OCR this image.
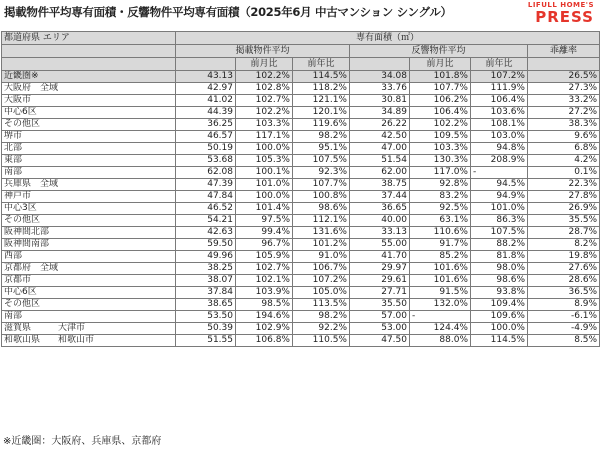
掲載物件平均専有面積・反響物件平均専有面積（2025年6月 中古マンション シングル）	LIFULL HOME'S
PRESS
都道府県 エリア	専有面積（㎡）						
	掲載物件平均			反響物件平均			乖離率
		前月比	前年比		前月比	前年比	
近畿圏※	43.13	102.2%	114.5%	34.08	101.8%	107.2%	26.5%
大阪府　全域	42.97	102.8%	118.2%	33.76	107.7%	111.9%	27.3%
大阪市	41.02	102.7%	121.1%	30.81	106.2%	106.4%	33.2%
中心6区	44.39	102.2%	120.1%	34.89	106.4%	103.6%	27.2%
その他区	36.25	103.3%	119.6%	26.22	102.2%	108.1%	38.3%
堺市	46.57	117.1%	98.2%	42.50	109.5%	103.0%	9.6%
北部	50.19	100.0%	95.1%	47.00	103.3%	94.8%	6.8%
東部	53.68	105.3%	107.5%	51.54	130.3%	208.9%	4.2%
南部	62.08	100.1%	92.3%	62.00	117.0%	-	0.1%
兵庫県　全域	47.39	101.0%	107.7%	38.75	92.8%	94.5%	22.3%
神戸市	47.84	100.0%	100.8%	37.44	83.2%	94.9%	27.8%
中心3区	46.52	101.4%	98.6%	36.65	92.5%	101.0%	26.9%
その他区	54.21	97.5%	112.1%	40.00	63.1%	86.3%	35.5%
阪神間北部	42.63	99.4%	131.6%	33.13	110.6%	107.5%	28.7%
阪神間南部	59.50	96.7%	101.2%	55.00	91.7%	88.2%	8.2%
西部	49.96	105.9%	91.0%	41.70	85.2%	81.8%	19.8%
京都府　全域	38.25	102.7%	106.7%	29.97	101.6%	98.0%	27.6%
京都市	38.07	102.1%	107.2%	29.61	101.6%	98.6%	28.6%
中心6区	37.84	103.9%	105.0%	27.71	91.5%	93.8%	36.5%
その他区	38.65	98.5%	113.5%	35.50	132.0%	109.4%	8.9%
南部	53.50	194.6%	98.2%	57.00	-	109.6%	-6.1%
滋賀県　　　大津市	50.39	102.9%	92.2%	53.00	124.4%	100.0%	-4.9%
和歌山県　　和歌山市	51.55	106.8%	110.5%	47.50	88.0%	114.5%	8.5%
※近畿圏：大阪府、兵庫県、京都府
